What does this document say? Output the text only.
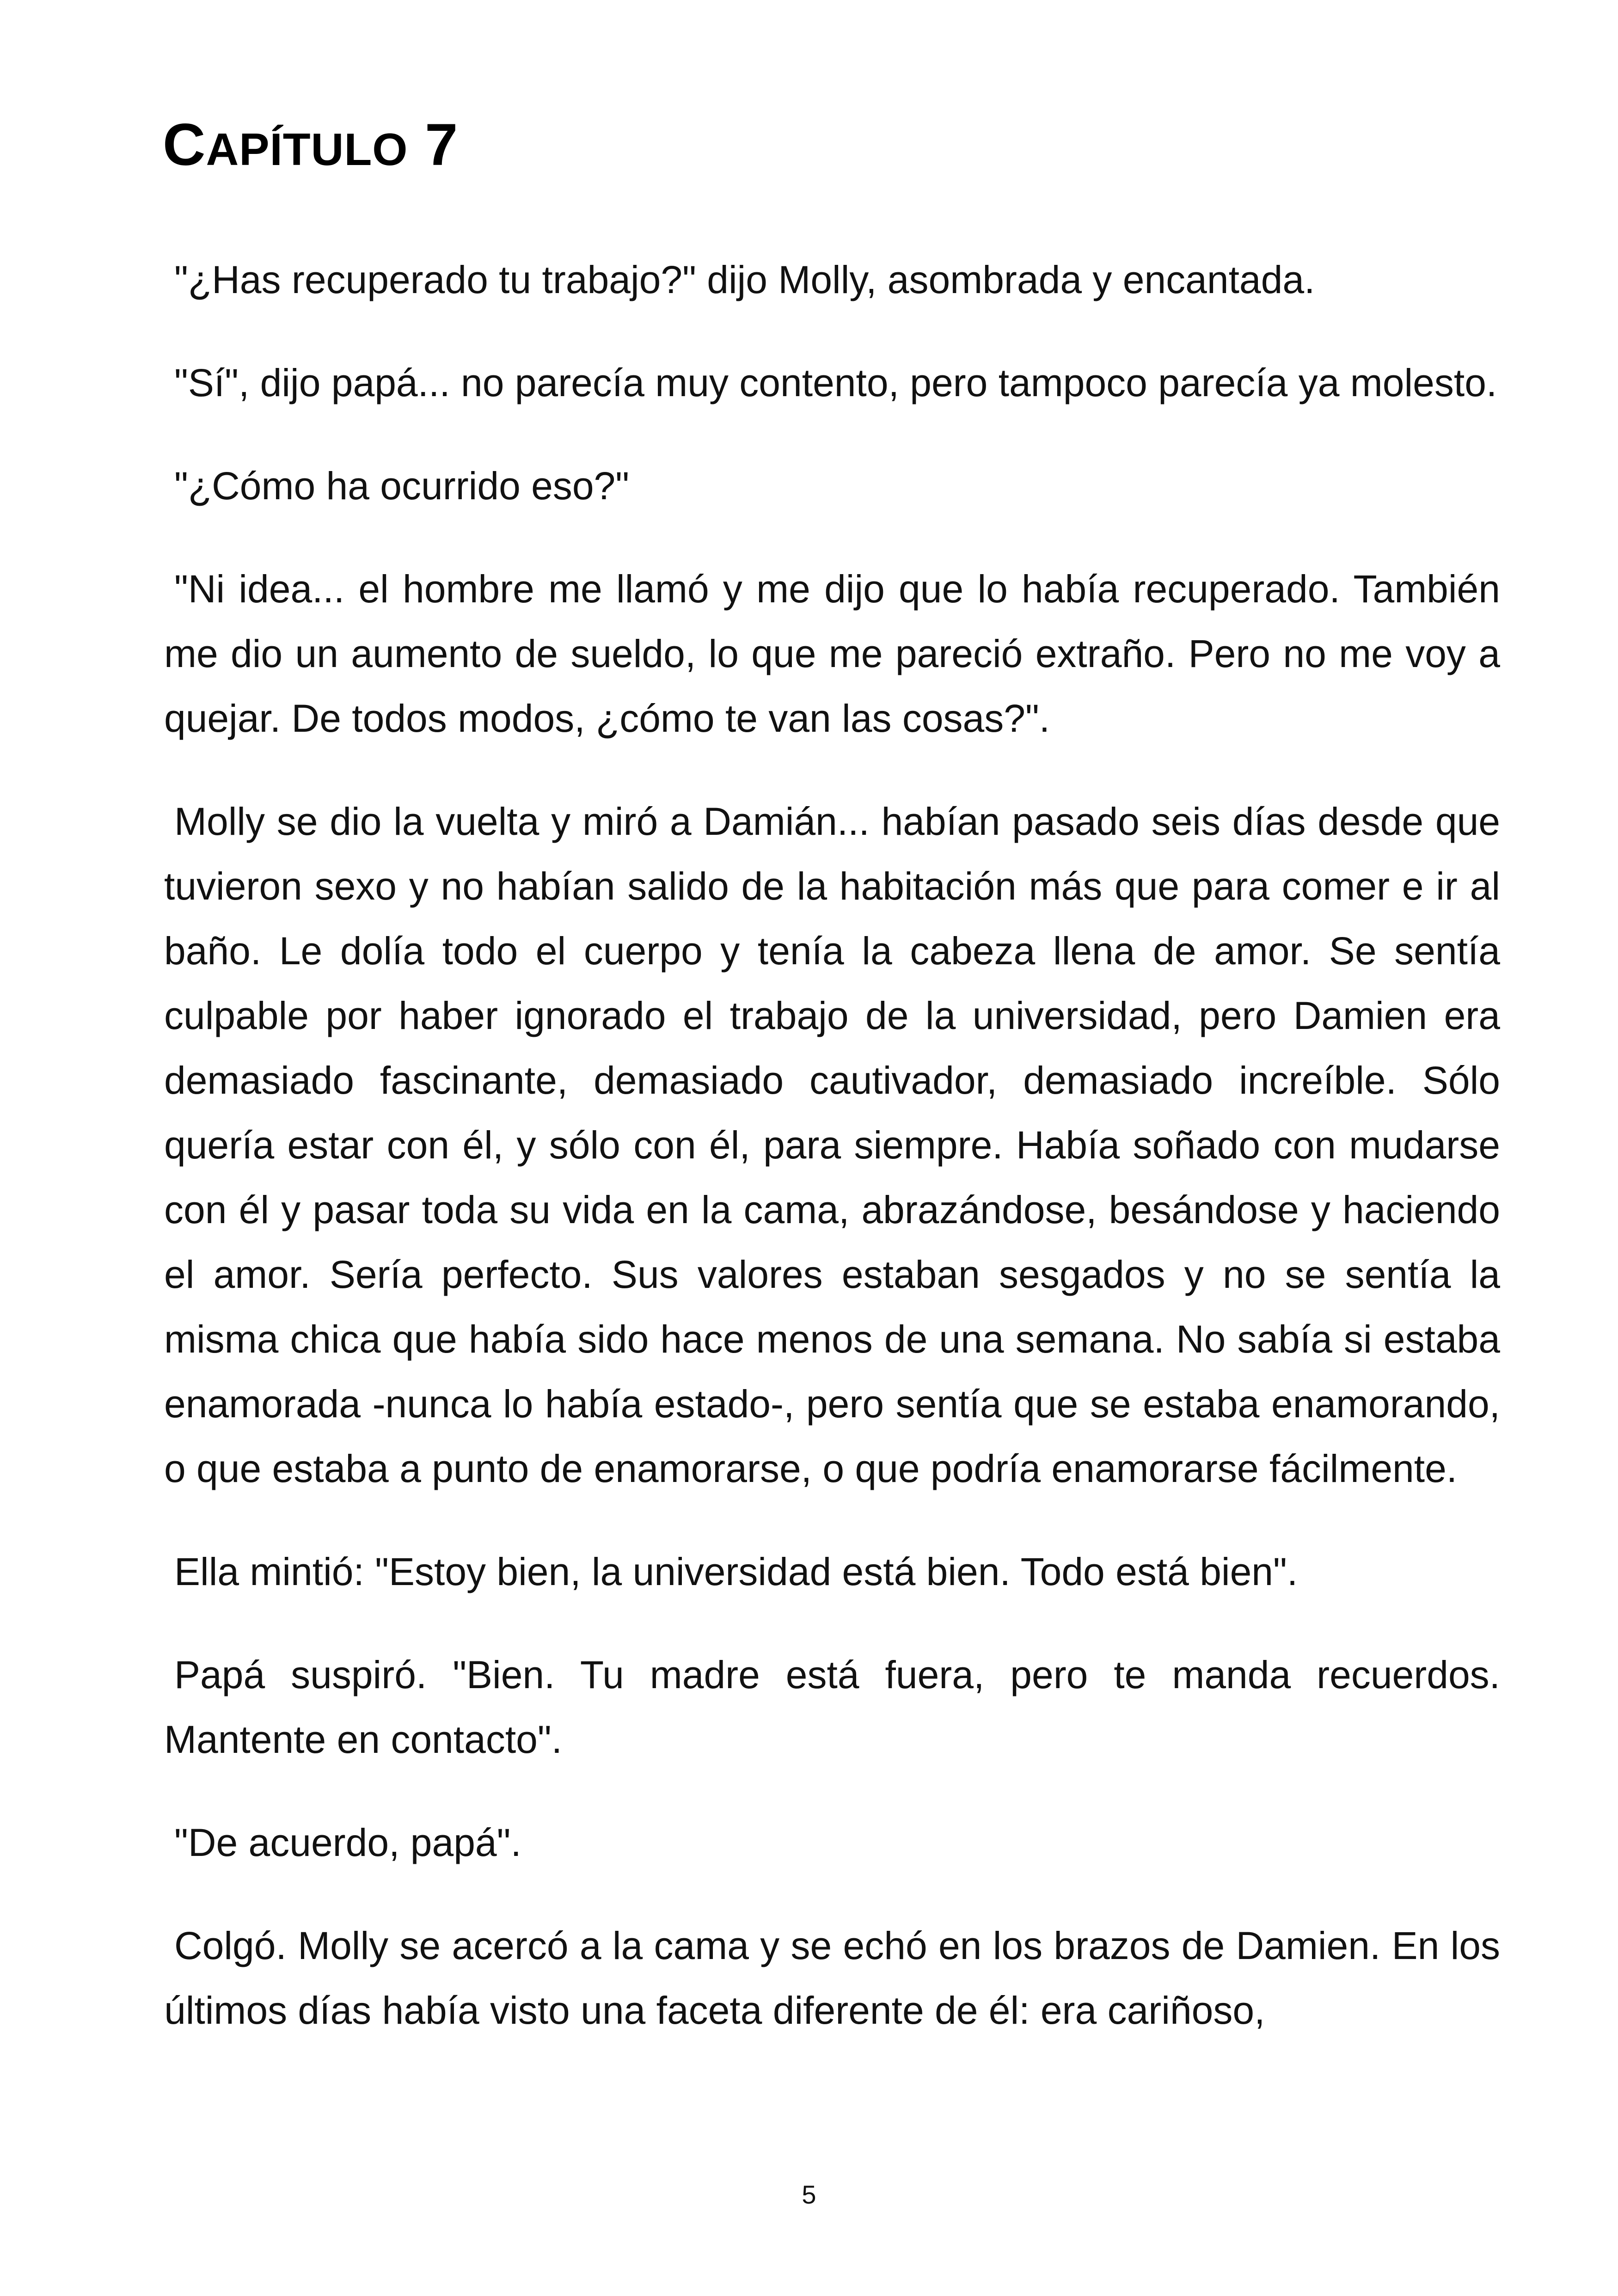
CAPÍTULO 7

"¿Has recuperado tu trabajo?" dijo Molly, asombrada y encantada.

"Sí", dijo papá... no parecía muy contento, pero tampoco parecía ya molesto.

"¿Cómo ha ocurrido eso?"

"Ni idea... el hombre me llamó y me dijo que lo había recuperado. También me dio un aumento de sueldo, lo que me pareció extraño. Pero no me voy a quejar. De todos modos, ¿cómo te van las cosas?".

Molly se dio la vuelta y miró a Damián... habían pasado seis días desde que tuvieron sexo y no habían salido de la habitación más que para comer e ir al baño. Le dolía todo el cuerpo y tenía la cabeza llena de amor. Se sentía culpable por haber ignorado el trabajo de la universidad, pero Damien era demasiado fascinante, demasiado cautivador, demasiado increíble. Sólo quería estar con él, y sólo con él, para siempre. Había soñado con mudarse con él y pasar toda su vida en la cama, abrazándose, besándose y haciendo el amor. Sería perfecto. Sus valores estaban sesgados y no se sentía la misma chica que había sido hace menos de una semana. No sabía si estaba enamorada -nunca lo había estado-, pero sentía que se estaba enamorando, o que estaba a punto de enamorarse, o que podría enamorarse fácilmente.

Ella mintió: "Estoy bien, la universidad está bien. Todo está bien".

Papá suspiró. "Bien. Tu madre está fuera, pero te manda recuerdos. Mantente en contacto".

"De acuerdo, papá".

Colgó. Molly se acercó a la cama y se echó en los brazos de Damien. En los últimos días había visto una faceta diferente de él: era cariñoso,

5
